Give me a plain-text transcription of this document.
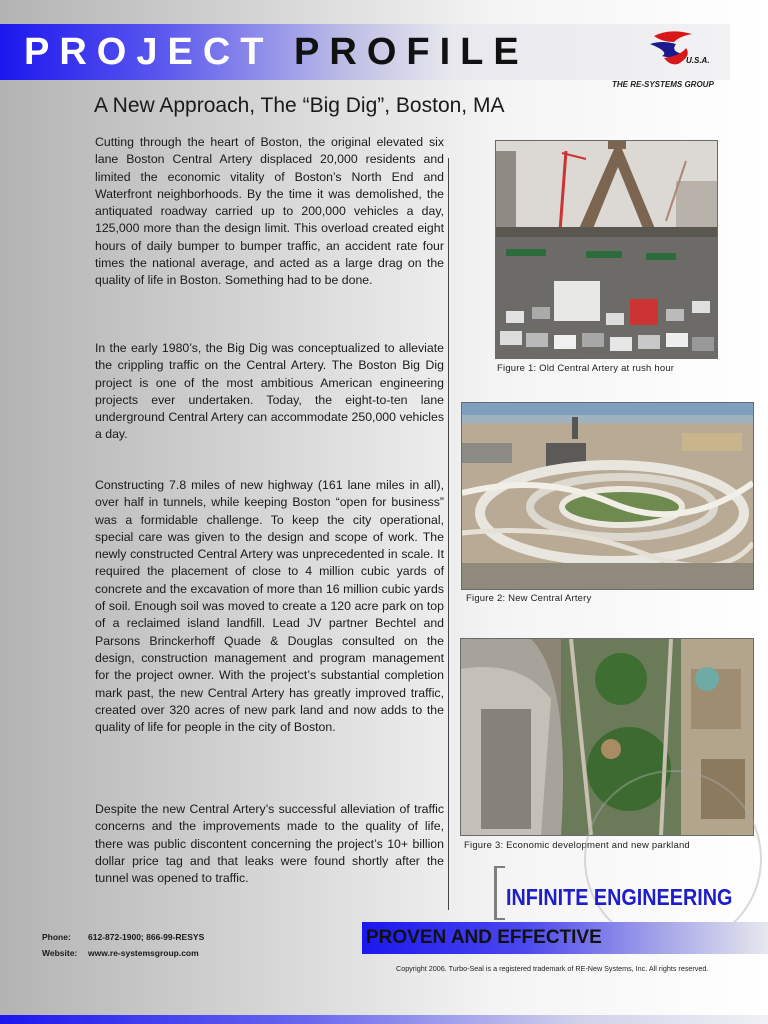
PROJECT PROFILE	U.S.A.
THE RE-SYSTEMS GROUP
A New Approach, The “Big Dig”, Boston, MA

Cutting through the heart of Boston, the original elevated six lane Boston Central Artery displaced 20,000 residents and limited the economic vitality of Boston’s North End and Waterfront neighborhoods. By the time it was demolished, the antiquated roadway carried up to 200,000 vehicles a day, 125,000 more than the design limit. This overload created eight hours of daily bumper to bumper traffic, an accident rate four times the national average, and acted as a large drag on the quality of life in Boston. Something had to be done.

In the early 1980’s, the Big Dig was conceptualized to alleviate the crippling traffic on the Central Artery. The Boston Big Dig project is one of the most ambitious American engineering projects ever undertaken. Today, the eight-to-ten lane underground Central Artery can accommodate 250,000 vehicles a day.

Constructing 7.8 miles of new highway (161 lane miles in all), over half in tunnels, while keeping Boston “open for business” was a formidable challenge. To keep the city operational, special care was given to the design and scope of work. The newly constructed Central Artery was unprecedented in scale. It required the placement of close to 4 million cubic yards of concrete and the excavation of more than 16 million cubic yards of soil. Enough soil was moved to create a 120 acre park on top of a reclaimed island landfill. Lead JV partner Bechtel and Parsons Brinckerhoff Quade & Douglas consulted on the design, construction management and program management for the project owner. With the project’s substantial completion mark past, the new Central Artery has greatly improved traffic, created over 320 acres of new park land and now adds to the quality of life for people in the city of Boston.

Despite the new Central Artery’s successful alleviation of traffic concerns and the improvements made to the quality of life, there was public discontent concerning the project’s 10+ billion dollar price tag and that leaks were found shortly after the tunnel was opened to traffic.

Figure 1: Old Central Artery at rush hour
Figure 2: New Central Artery
Figure 3: Economic development and new parkland
INFINITE ENGINEERING
PROVEN AND EFFECTIVE
Phone: 612-872-1900; 866-99-RESYS
Website: www.re-systemsgroup.com
Copyright 2006. Turbo-Seal is a registered trademark of RE-New Systems, Inc. All rights reserved.
